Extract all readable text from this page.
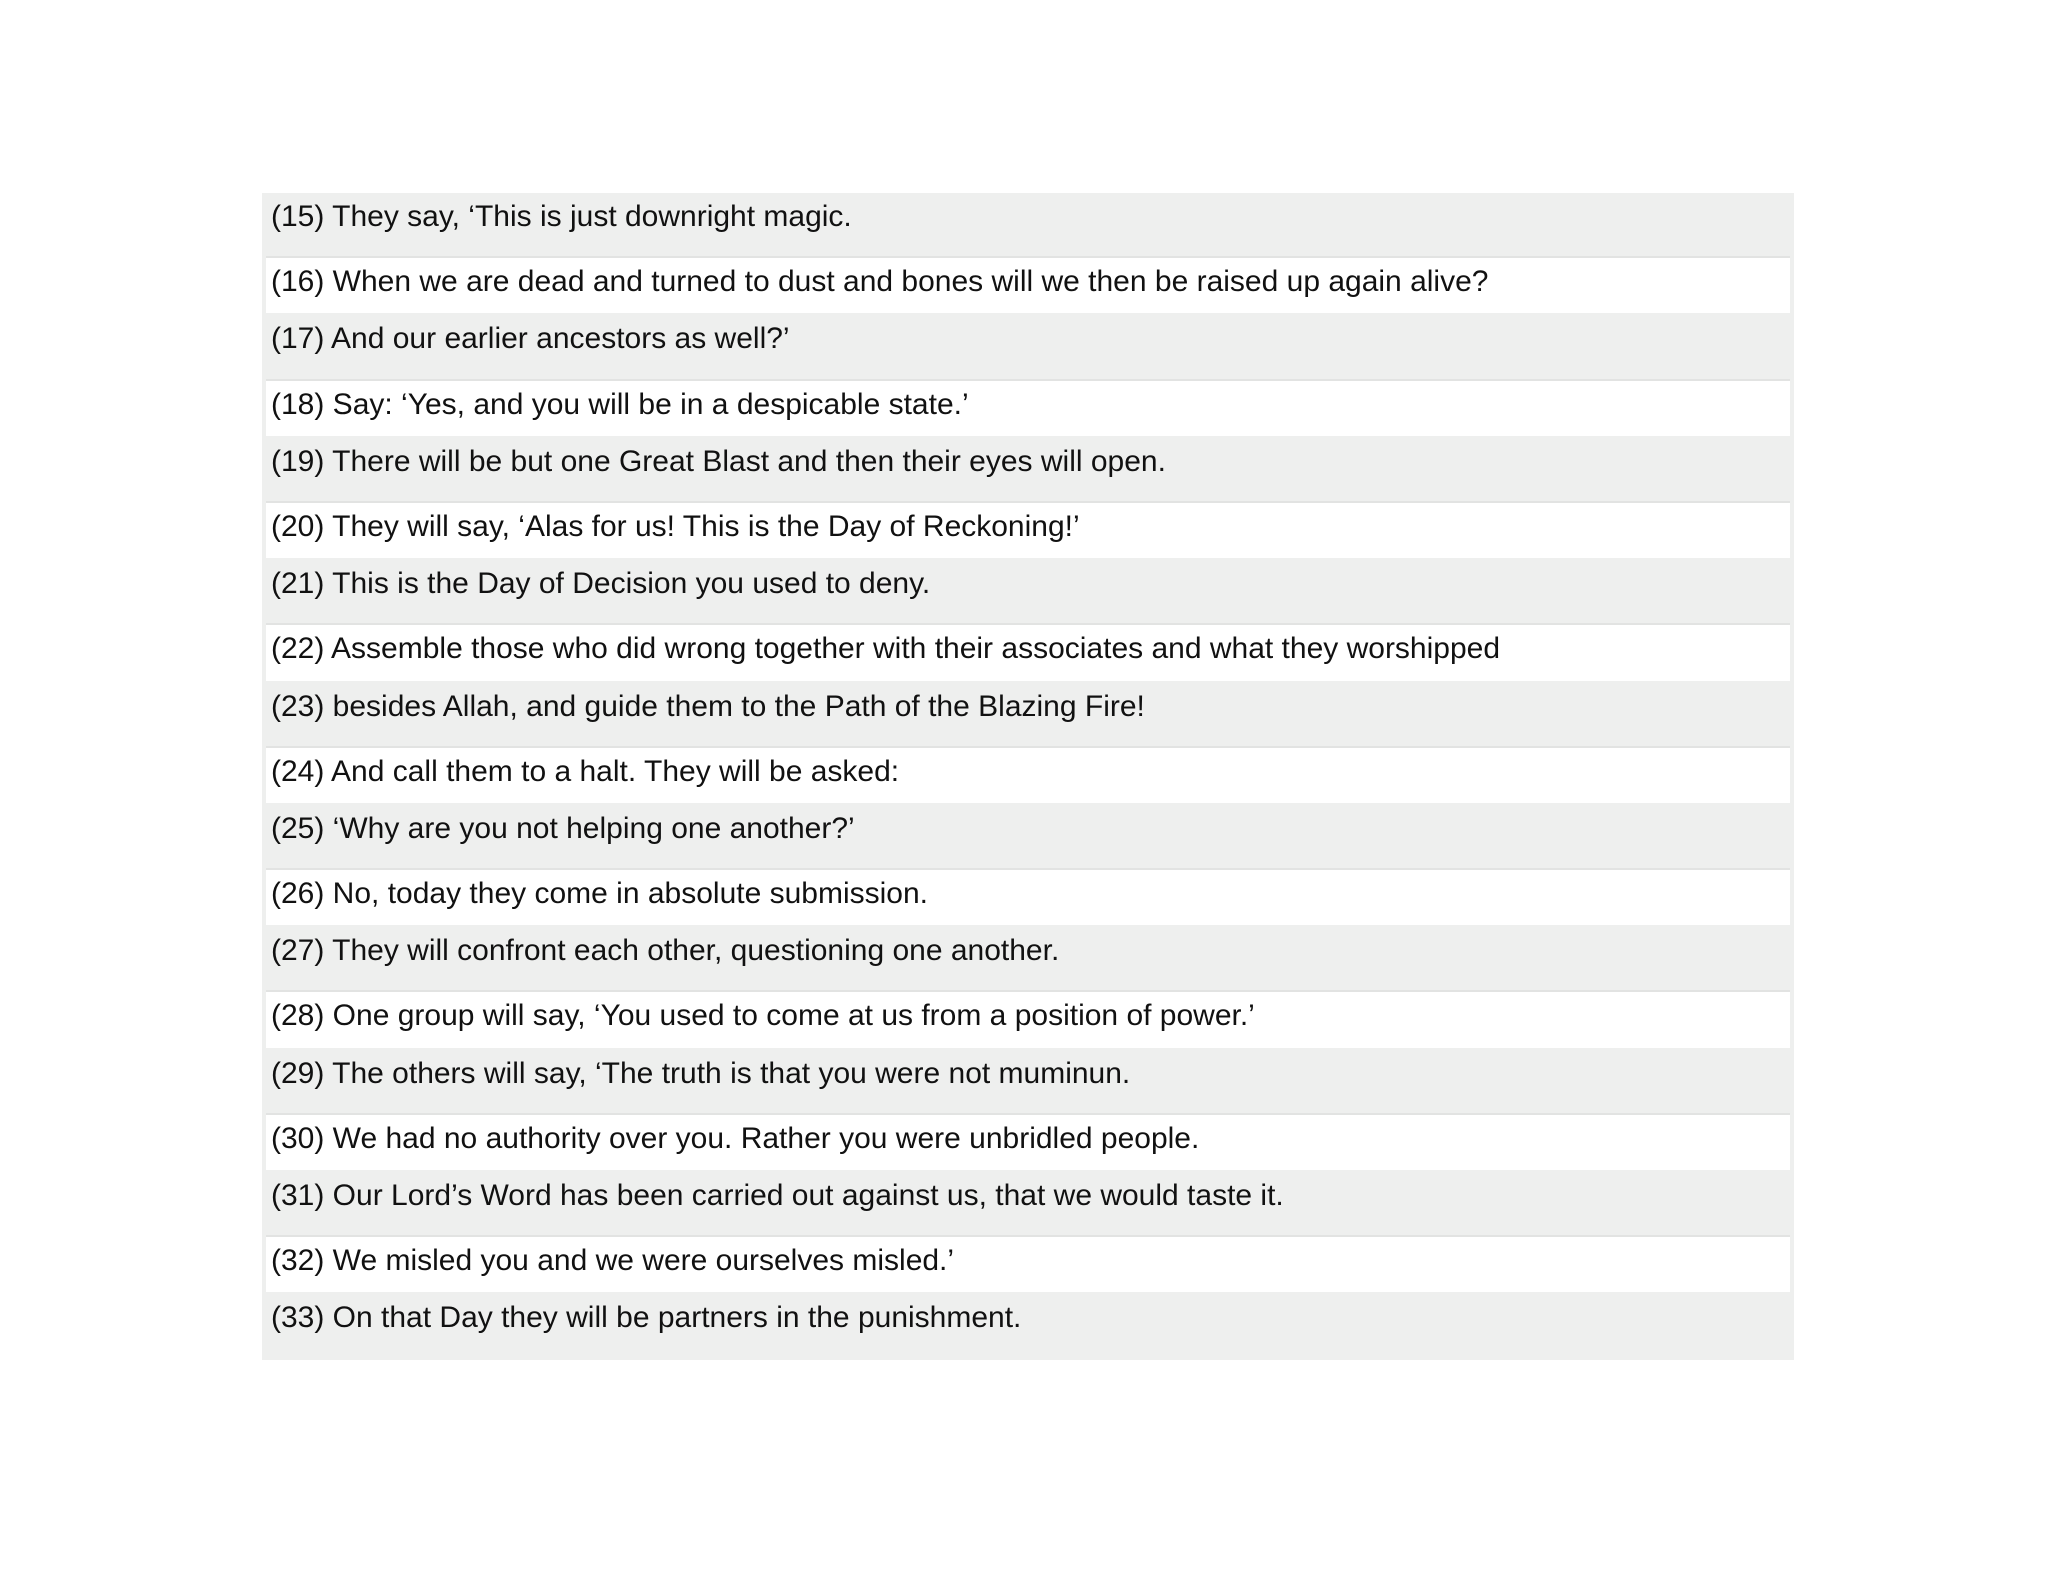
(15) They say, ‘This is just downright magic.
(16) When we are dead and turned to dust and bones will we then be raised up again alive?
(17) And our earlier ancestors as well?’
(18) Say: ‘Yes, and you will be in a despicable state.’
(19) There will be but one Great Blast and then their eyes will open.
(20) They will say, ‘Alas for us! This is the Day of Reckoning!’
(21) This is the Day of Decision you used to deny.
(22) Assemble those who did wrong together with their associates and what they worshipped
(23) besides Allah, and guide them to the Path of the Blazing Fire!
(24) And call them to a halt. They will be asked:
(25) ‘Why are you not helping one another?’
(26) No, today they come in absolute submission.
(27) They will confront each other, questioning one another.
(28) One group will say, ‘You used to come at us from a position of power.’
(29) The others will say, ‘The truth is that you were not muminun.
(30) We had no authority over you. Rather you were unbridled people.
(31) Our Lord’s Word has been carried out against us, that we would taste it.
(32) We misled you and we were ourselves misled.’
(33) On that Day they will be partners in the punishment.
